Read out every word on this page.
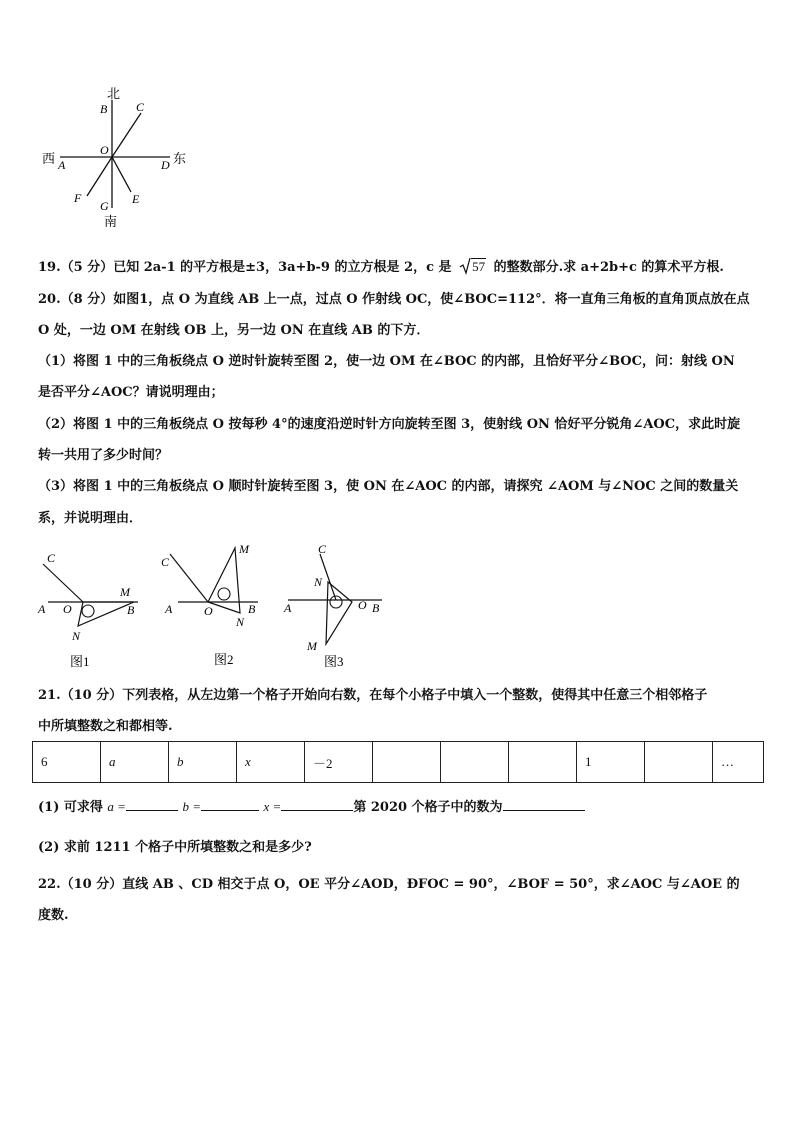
北
B C
O
西 A	D 东
F	E
G
南
19.（5 分）已知 2a-1 的平方根是±3，3a+b-9 的立方根是 2，c 是 57 的整数部分.求 a+2b+c 的算术平方根.
20.（8 分）如图1，点 O 为直线 AB 上一点，过点 O 作射线 OC，使∠BOC=112°．将一直角三角板的直角顶点放在点
O 处，一边 OM 在射线 OB 上，另一边 ON 在直线 AB 的下方．
（1）将图 1 中的三角板绕点 O 逆时针旋转至图 2，使一边 OM 在∠BOC 的内部，且恰好平分∠BOC，问：射线 ON
是否平分∠AOC？请说明理由；
（2）将图 1 中的三角板绕点 O 按每秒 4°的速度沿逆时针方向旋转至图 3，使射线 ON 恰好平分锐角∠AOC，求此时旋
转一共用了多少时间？
（3）将图 1 中的三角板绕点 O 顺时针旋转至图 3，使 ON 在∠AOC 的内部，请探究 ∠AOM 与∠NOC 之间的数量关
系，并说明理由．
C
A O
M
B
N
图1
C
M
A	O	B
N
图2
C
N
A	O B
M
图3
21.（10 分）下列表格，从左边第一个格子开始向右数，在每个小格子中填入一个整数，使得其中任意三个相邻格子
中所填整数之和都相等.
6	a	b	x	－2				1		…
(1) 可求得 a =	b =	x =	第 2020 个格子中的数为
(2) 求前 1211 个格子中所填整数之和是多少?
22.（10 分）直线 AB 、CD 相交于点 O，OE 平分∠AOD，ÐFOC = 90°，∠BOF = 50°，求∠AOC 与∠AOE 的
度数.
